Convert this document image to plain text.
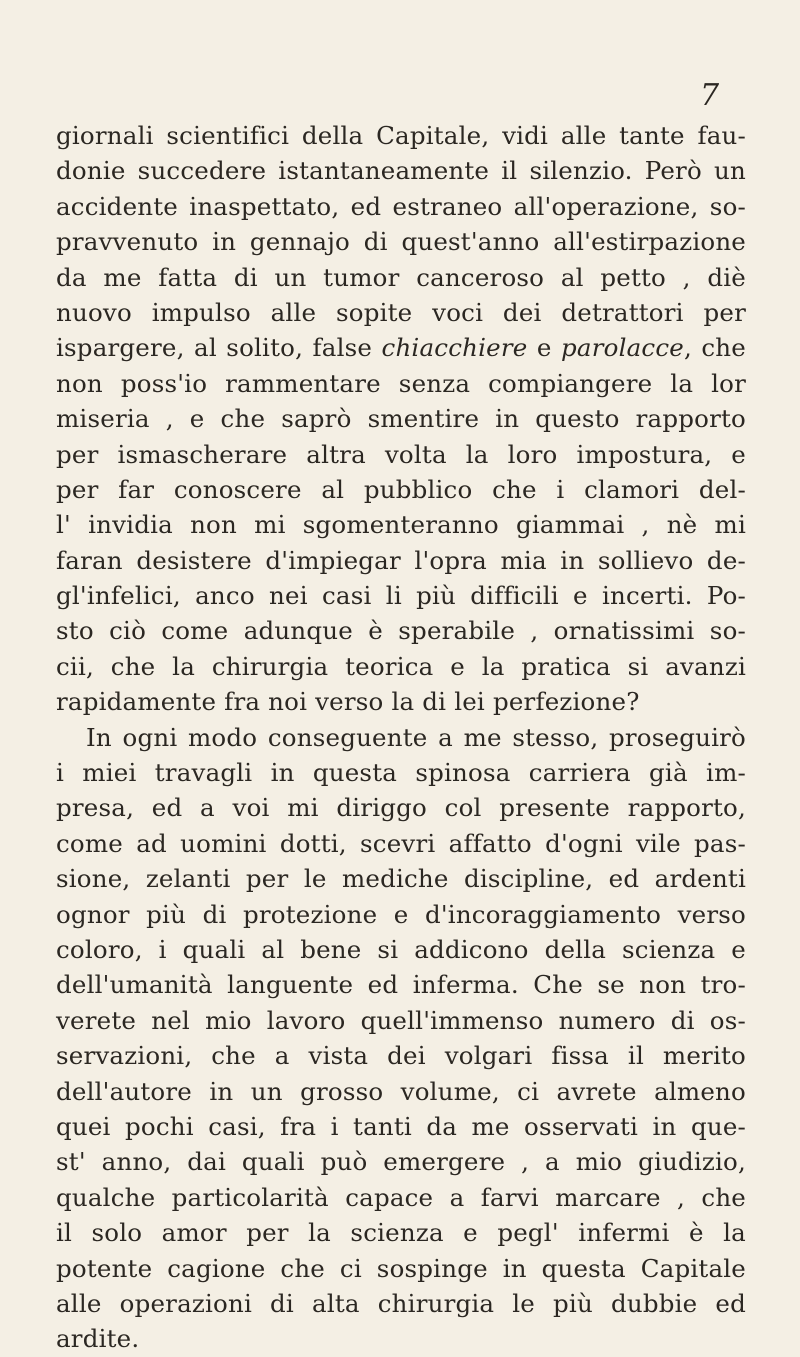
7
giornali scientifici della Capitale, vidi alle tante fau-
donie succedere istantaneamente il silenzio. Però un
accidente inaspettato, ed estraneo all'operazione, so-
pravvenuto in gennajo di quest'anno all'estirpazione
da me fatta di un tumor canceroso al petto , diè
nuovo impulso alle sopite voci dei detrattori per
ispargere, al solito, false chiacchiere e parolacce, che
non poss'io rammentare senza compiangere la lor
miseria , e che saprò smentire in questo rapporto
per ismascherare altra volta la loro impostura, e
per far conoscere al pubblico che i clamori del-
l' invidia non mi sgomenteranno giammai , nè mi
faran desistere d'impiegar l'opra mia in sollievo de-
gl'infelici, anco nei casi li più difficili e incerti. Po-
sto ciò come adunque è sperabile , ornatissimi so-
cii, che la chirurgia teorica e la pratica si avanzi
rapidamente fra noi verso la di lei perfezione?
In ogni modo conseguente a me stesso, proseguirò
i miei travagli in questa spinosa carriera già im-
presa, ed a voi mi diriggo col presente rapporto,
come ad uomini dotti, scevri affatto d'ogni vile pas-
sione, zelanti per le mediche discipline, ed ardenti
ognor più di protezione e d'incoraggiamento verso
coloro, i quali al bene si addicono della scienza e
dell'umanità languente ed inferma. Che se non tro-
verete nel mio lavoro quell'immenso numero di os-
servazioni, che a vista dei volgari fissa il merito
dell'autore in un grosso volume, ci avrete almeno
quei pochi casi, fra i tanti da me osservati in que-
st' anno, dai quali può emergere , a mio giudizio,
qualche particolarità capace a farvi marcare , che
il solo amor per la scienza e pegl' infermi è la
potente cagione che ci sospinge in questa Capitale
alle operazioni di alta chirurgia le più dubbie ed
ardite.
